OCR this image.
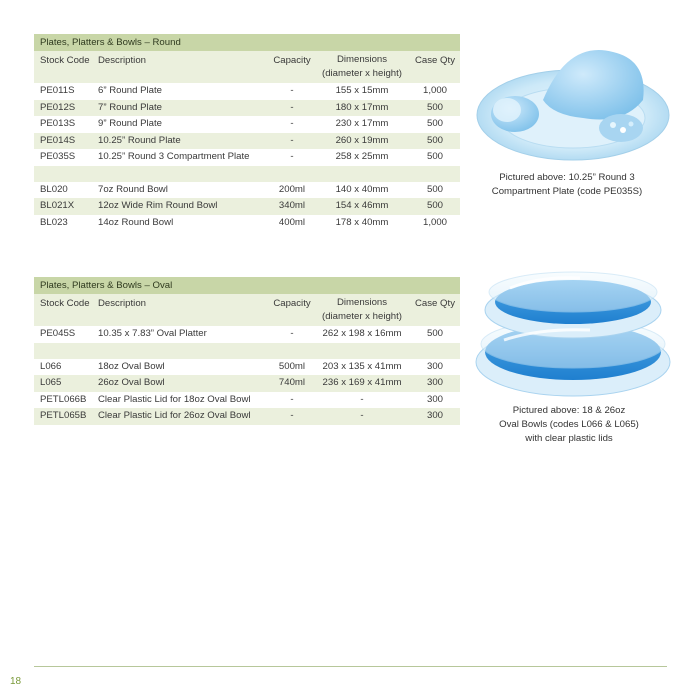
Plates, Platters & Bowls – Round
Stock Code Description	Capacity	Dimensions
(diameter x height)
Case Qty
PE011S 6” Round Plate	-	155 x 15mm	1,000
PE012S 7” Round Plate	-	180 x 17mm	500
PE013S 9” Round Plate	-	230 x 17mm	500
PE014S 10.25” Round Plate	-	260 x 19mm	500
PE035S 10.25” Round 3 Compartment Plate	-	258 x 25mm	500
BL020	7oz Round Bowl	200ml	140 x 40mm	500
BL021X 12oz Wide Rim Round Bowl	340ml	154 x 46mm	500
BL023	14oz Round Bowl	400ml	178 x 40mm	1,000
Plates, Platters & Bowls – Oval
Stock Code Description	Capacity	Dimensions
(diameter x height)
Case Qty
PE045S 10.35 x 7.83” Oval Platter	-	262 x 198 x 16mm	500
L066	18oz Oval Bowl	500ml	203 x 135 x 41mm	300
L065	26oz Oval Bowl	740ml	236 x 169 x 41mm	300
PETL066B Clear Plastic Lid for 18oz Oval Bowl	-	-	300
PETL065B Clear Plastic Lid for 26oz Oval Bowl	-	-	300
Pictured above: 10.25” Round 3
Compartment Plate (code PE035S)
Pictured above: 18 & 26oz
Oval Bowls (codes L066 & L065)
with clear plastic lids
18
